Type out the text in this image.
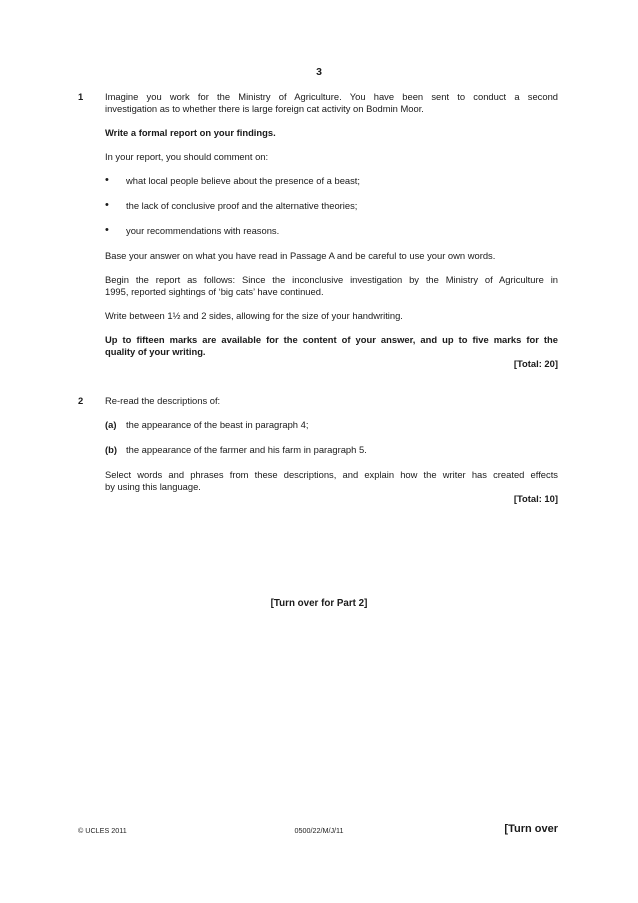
3
1 Imagine you work for the Ministry of Agriculture. You have been sent to conduct a second
investigation as to whether there is large foreign cat activity on Bodmin Moor.
Write a formal report on your findings.
In your report, you should comment on:
• what local people believe about the presence of a beast;
• the lack of conclusive proof and the alternative theories;
• your recommendations with reasons.
Base your answer on what you have read in Passage A and be careful to use your own words.
Begin the report as follows: Since the inconclusive investigation by the Ministry of Agriculture in
1995, reported sightings of ‘big cats’ have continued.
Write between 1½ and 2 sides, allowing for the size of your handwriting.
Up to fifteen marks are available for the content of your answer, and up to five marks for the
quality of your writing.
[Total: 20]
2 Re-read the descriptions of:
(a) the appearance of the beast in paragraph 4;
(b) the appearance of the farmer and his farm in paragraph 5.
Select words and phrases from these descriptions, and explain how the writer has created effects
by using this language.
[Total: 10]
[Turn over for Part 2]
© UCLES 2011	0500/22/M/J/11	[Turn over
